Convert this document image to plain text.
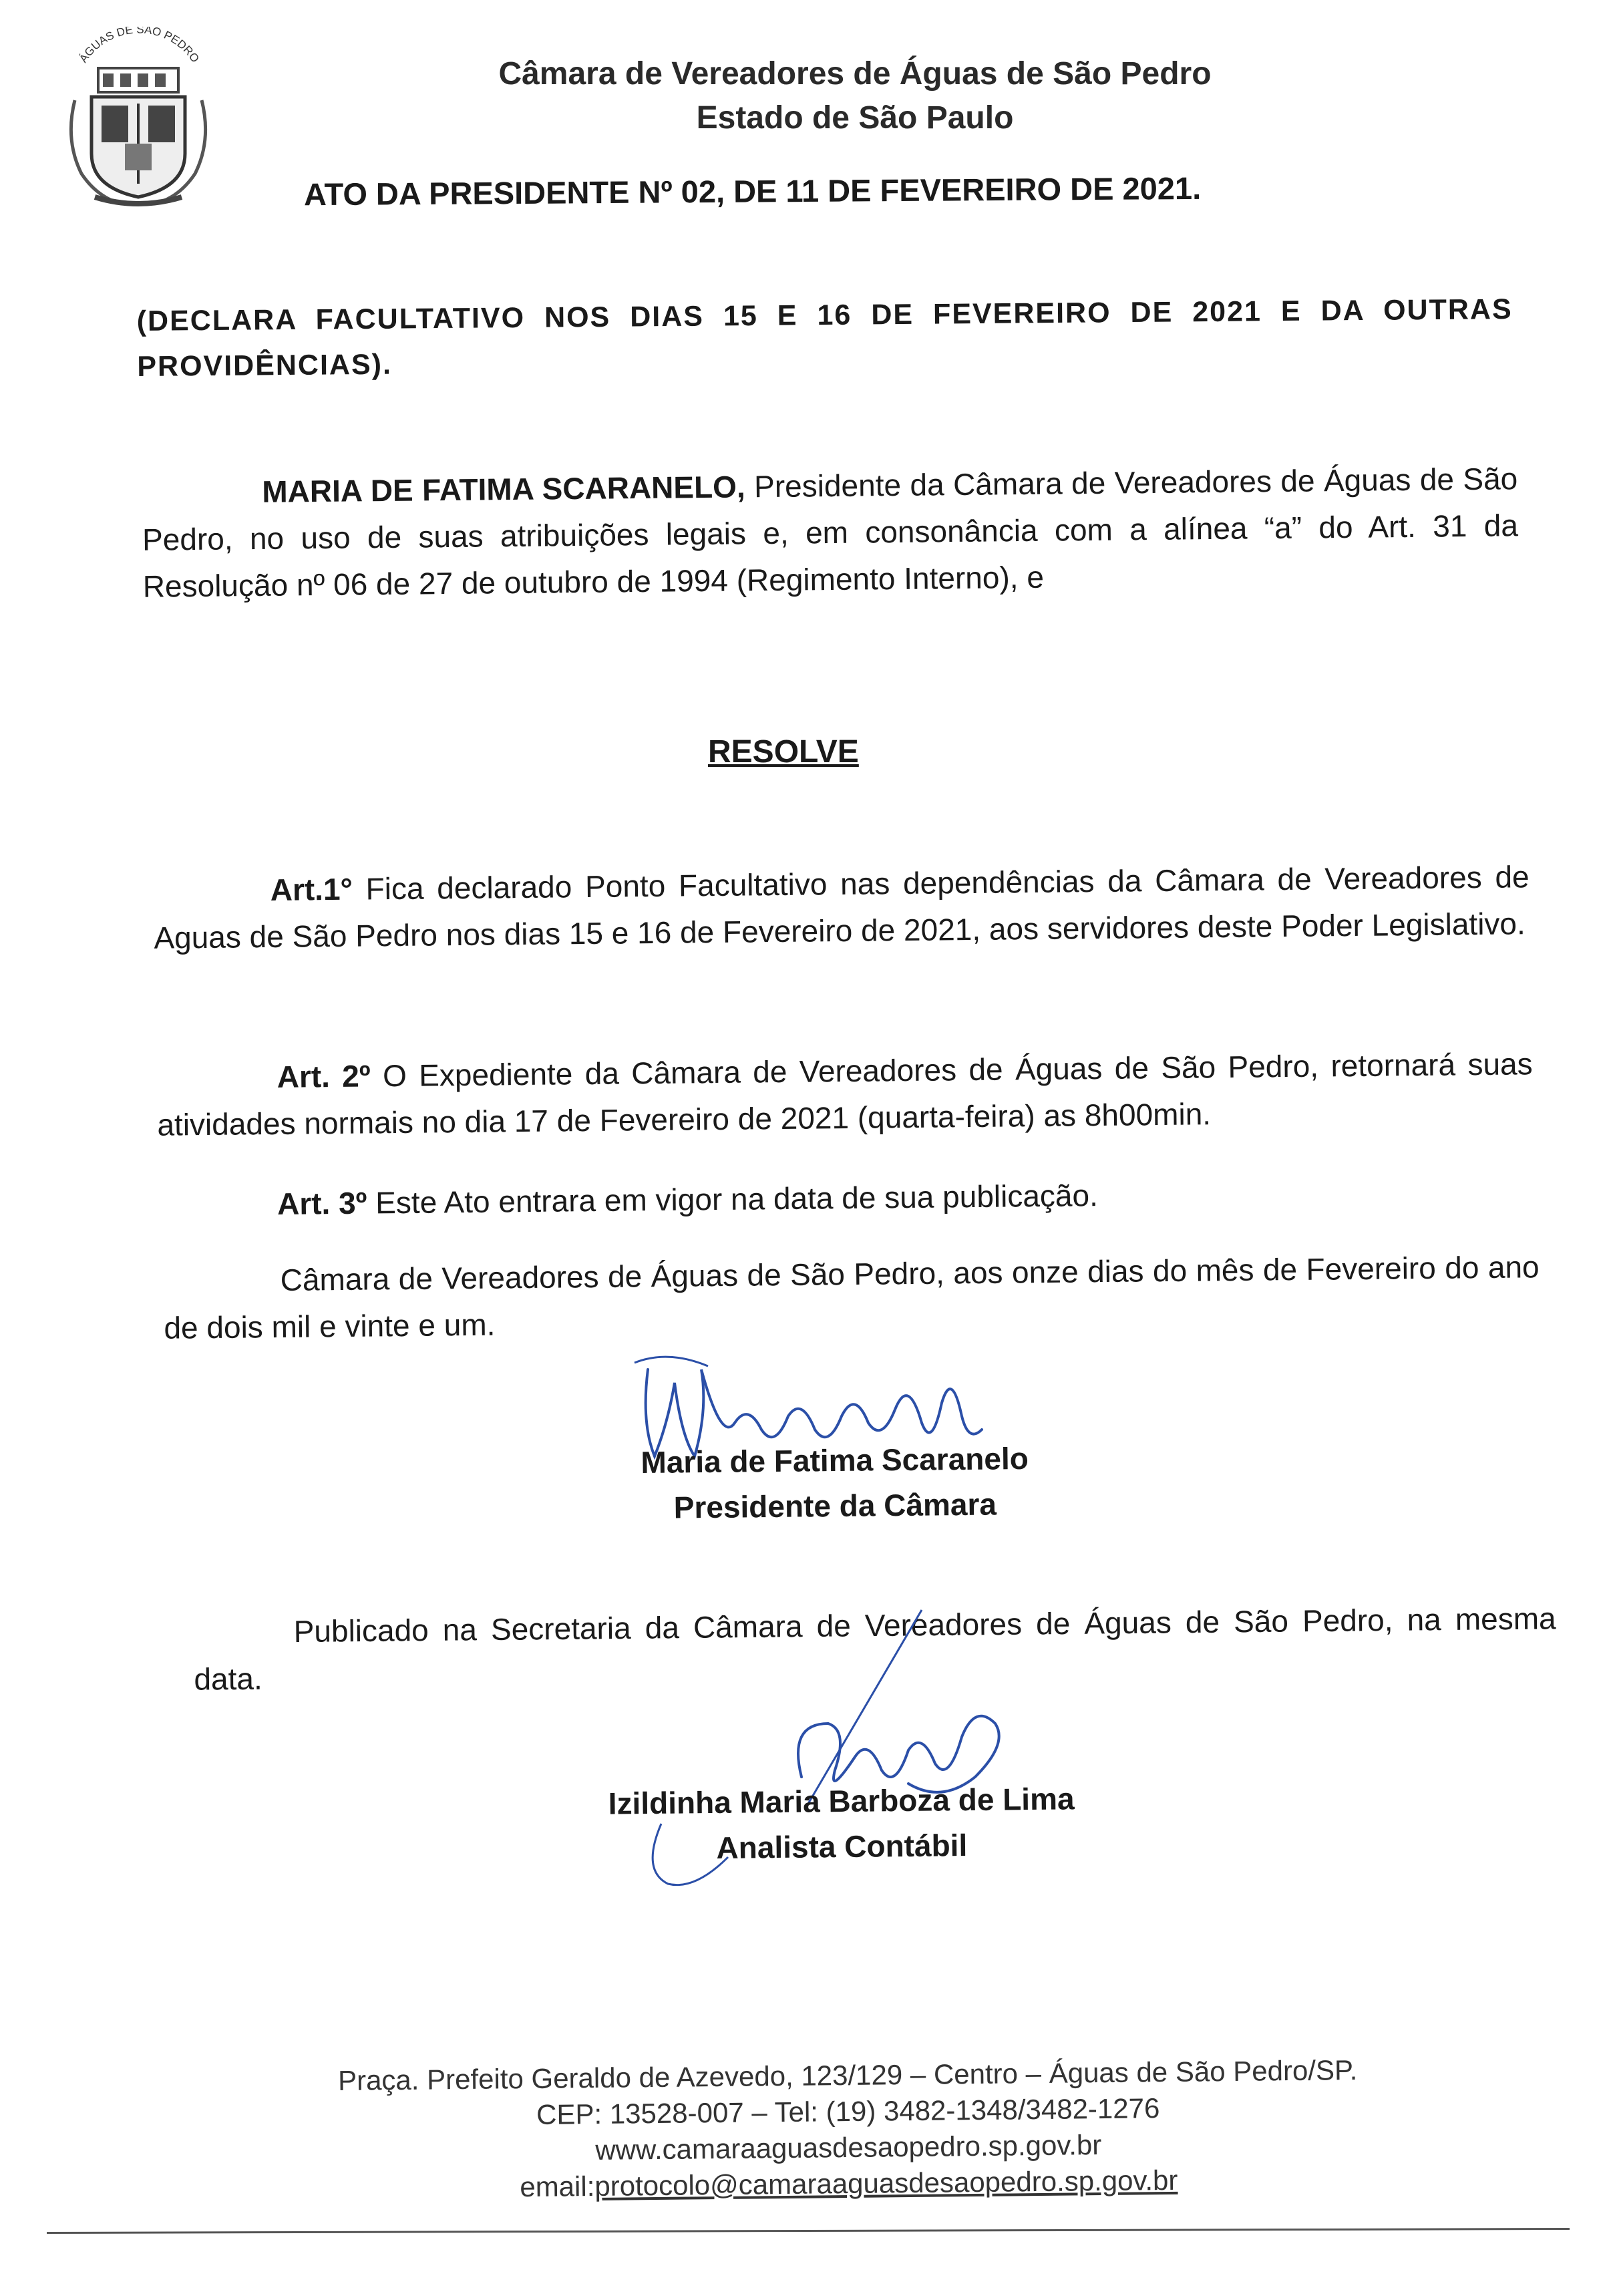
ÁGUAS DE SÃO PEDRO	Câmara de Vereadores de Águas de São Pedro
Estado de São Paulo
ATO DA PRESIDENTE Nº 02, DE 11 DE FEVEREIRO DE 2021.
(DECLARA FACULTATIVO NOS DIAS 15 E 16 DE FEVEREIRO DE 2021 E DA OUTRAS PROVIDÊNCIAS).
MARIA DE FATIMA SCARANELO, Presidente da Câmara de Vereadores de Águas de São Pedro, no uso de suas atribuições legais e, em consonância com a alínea “a” do Art. 31 da Resolução nº 06 de 27 de outubro de 1994 (Regimento Interno), e
RESOLVE
Art.1° Fica declarado Ponto Facultativo nas dependências da Câmara de Vereadores de Aguas de São Pedro nos dias 15 e 16 de Fevereiro de 2021, aos servidores deste Poder Legislativo.
Art. 2º O Expediente da Câmara de Vereadores de Águas de São Pedro, retornará suas atividades normais no dia 17 de Fevereiro de 2021 (quarta-feira) as 8h00min.
Art. 3º Este Ato entrara em vigor na data de sua publicação.
Câmara de Vereadores de Águas de São Pedro, aos onze dias do mês de Fevereiro do ano de dois mil e vinte e um.
Maria de Fatima Scaranelo
Presidente da Câmara
Publicado na Secretaria da Câmara de Vereadores de Águas de São Pedro, na mesma data.
Izildinha Maria Barboza de Lima
Analista Contábil
Praça. Prefeito Geraldo de Azevedo, 123/129 – Centro – Águas de São Pedro/SP.
CEP: 13528-007 – Tel: (19) 3482-1348/3482-1276
www.camaraaguasdesaopedro.sp.gov.br
email:protocolo@camaraaguasdesaopedro.sp.gov.br
